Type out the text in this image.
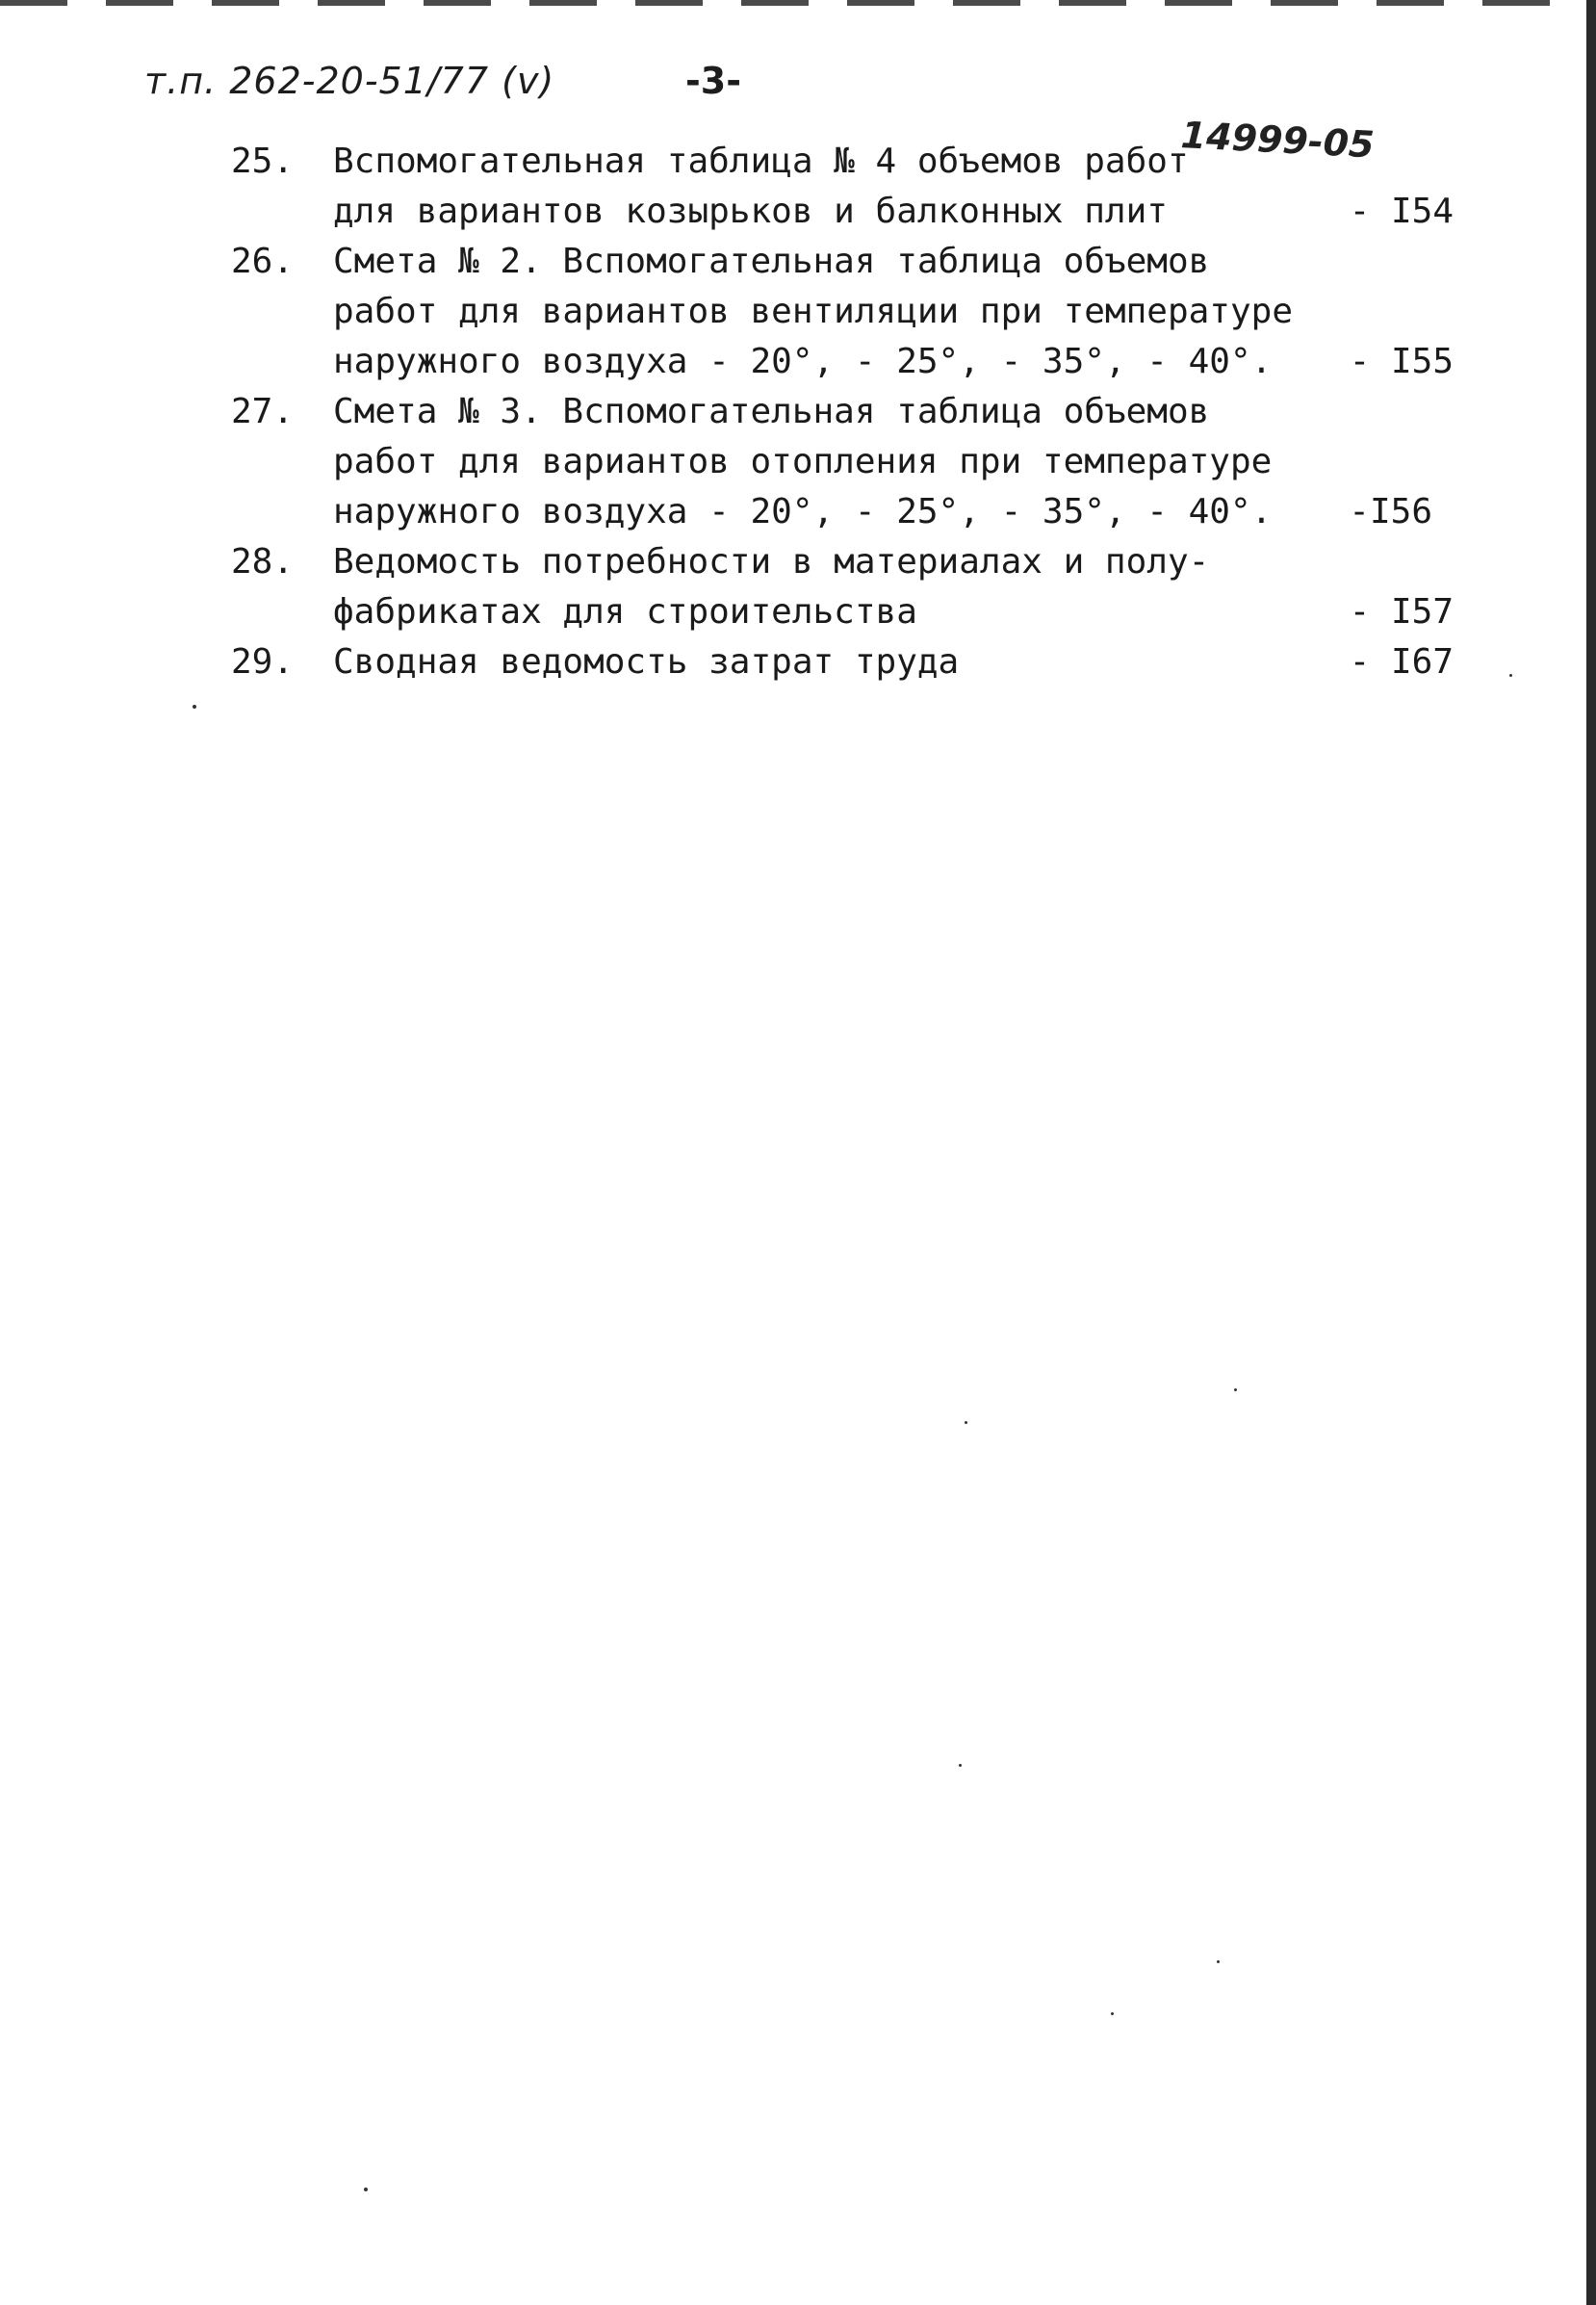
т.п. 262-20-51/77 (v)	-3-
14999-05
25. Вспомогательная таблица № 4 объемов работ
для вариантов козырьков и балконных плит	- I54
26. Смета № 2. Вспомогательная таблица объемов
работ для вариантов вентиляции при температуре
наружного воздуха - 20°, - 25°, - 35°, - 40°.	- I55
27. Смета № 3. Вспомогательная таблица объемов
работ для вариантов отопления при температуре
наружного воздуха - 20°, - 25°, - 35°, - 40°.	-I56
28. Ведомость потребности в материалах и полу-
фабрикатах для строительства	- I57
29. Сводная ведомость затрат труда	- I67
